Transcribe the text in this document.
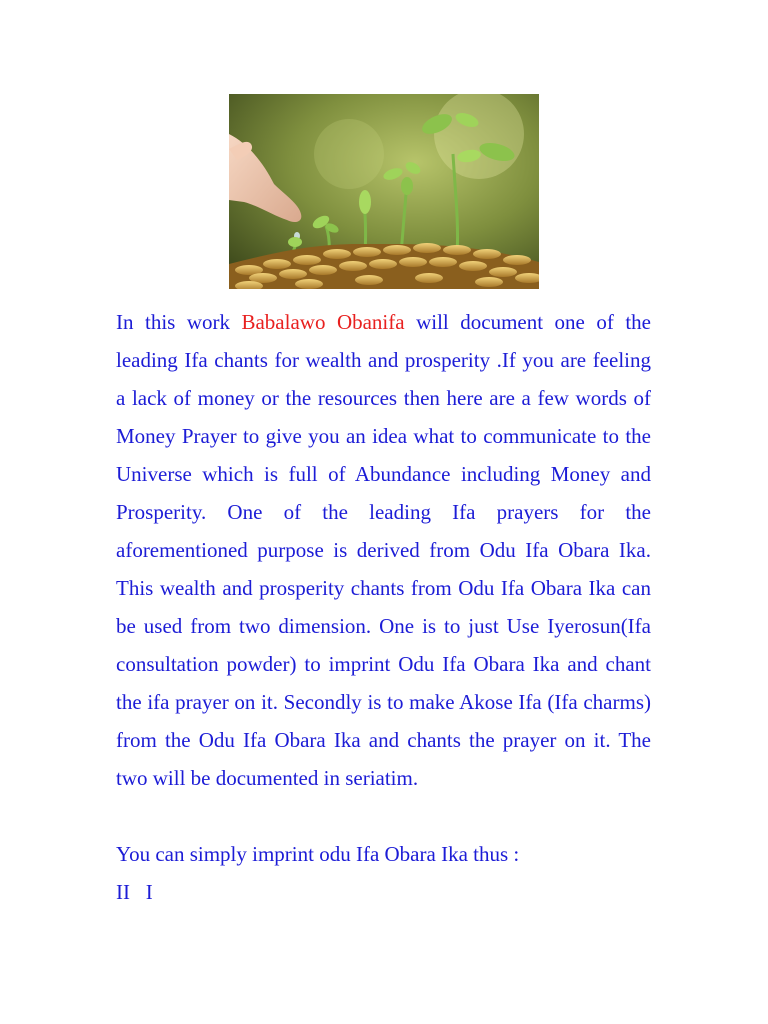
In this work Babalawo Obanifa will document one of the leading Ifa chants for wealth and prosperity .If you are feeling a lack of money or the resources then here are a few words of Money Prayer to give you an idea what to communicate to the Universe which is full of Abundance including Money and Prosperity. One of the leading Ifa prayers for the aforementioned purpose is derived from Odu Ifa Obara Ika. This wealth and prosperity chants from Odu Ifa Obara Ika can be used from two dimension. One is to just Use Iyerosun(Ifa consultation powder) to imprint Odu Ifa Obara Ika and chant the ifa prayer on it. Secondly is to make Akose Ifa (Ifa charms) from the Odu Ifa Obara Ika and chants the prayer on it. The two will be documented in seriatim.

You can simply imprint odu Ifa Obara Ika thus :

II   I
